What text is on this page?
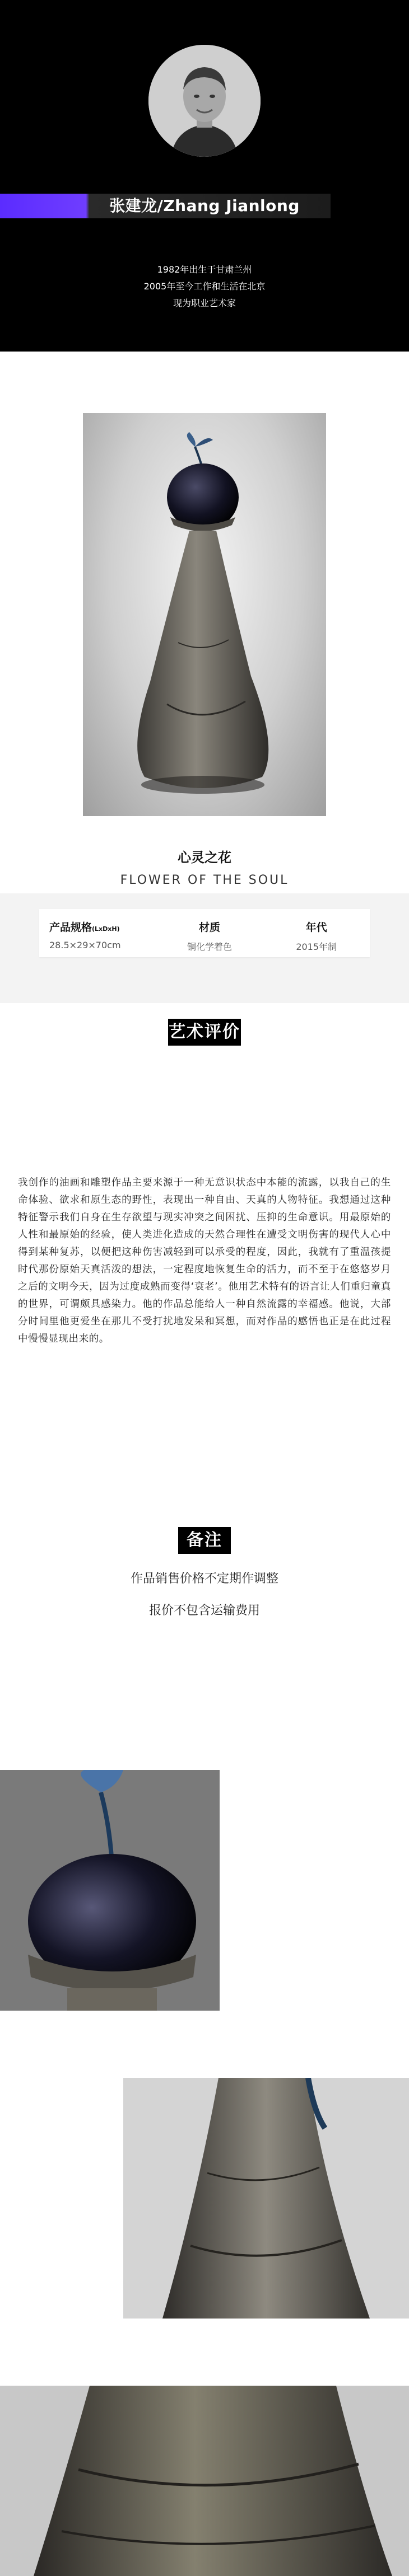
张建龙/Zhang Jianlong

1982年出生于甘肃兰州

2005年至今工作和生活在北京

现为职业艺术家

心灵之花
FLOWER OF THE SOUL
产品规格(LxDxH)
28.5×29×70cm
材质
铜化学着色
年代
2015年制
艺术评价

我创作的油画和雕塑作品主要来源于一种无意识状态中本能的流露，以我自己的生命体验、欲求和原生态的野性，表现出一种自由、天真的人物特征。我想通过这种特征警示我们自身在生存欲望与现实冲突之间困扰、压抑的生命意识。用最原始的人性和最原始的经验，使人类进化造成的天然合理性在遭受文明伤害的现代人心中得到某种复苏，以便把这种伤害减轻到可以承受的程度，因此，我就有了重温孩提时代那份原始天真活泼的想法，一定程度地恢复生命的活力，而不至于在悠悠岁月之后的文明今天，因为过度成熟而变得‘衰老’。他用艺术特有的语言让人们重归童真的世界，可谓颇具感染力。他的作品总能给人一种自然流露的幸福感。他说，大部分时间里他更爱坐在那儿不受打扰地发呆和冥想，而对作品的感悟也正是在此过程中慢慢显现出来的。

备注

作品销售价格不定期作调整

报价不包含运输费用
